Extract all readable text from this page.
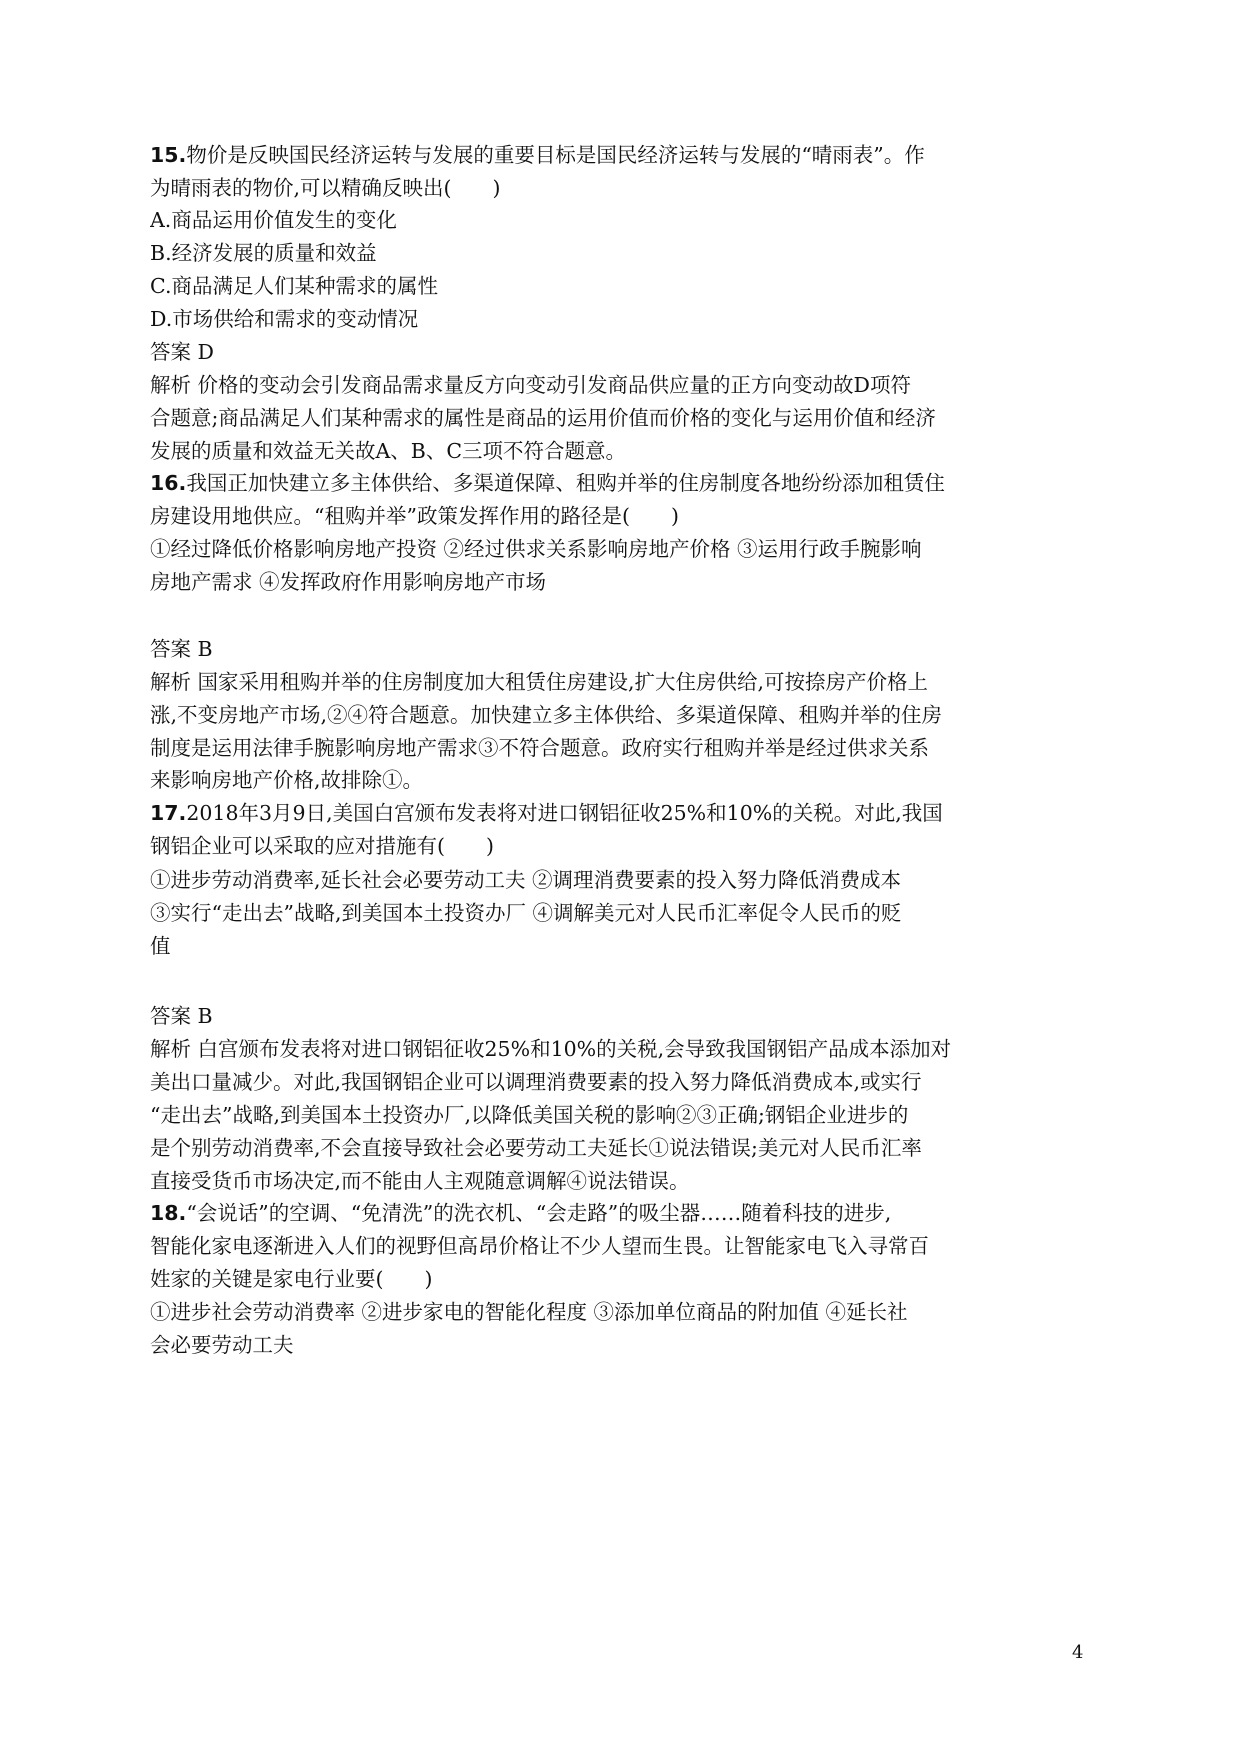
15.物价是反映国民经济运转与发展的重要目标是国民经济运转与发展的“晴雨表”。作
为晴雨表的物价,可以精确反映出(　　)
A.商品运用价值发生的变化
B.经济发展的质量和效益
C.商品满足人们某种需求的属性
D.市场供给和需求的变动情况
答案 D
解析 价格的变动会引发商品需求量反方向变动引发商品供应量的正方向变动故D项符
合题意;商品满足人们某种需求的属性是商品的运用价值而价格的变化与运用价值和经济
发展的质量和效益无关故A、B、C三项不符合题意。
16.我国正加快建立多主体供给、多渠道保障、租购并举的住房制度各地纷纷添加租赁住
房建设用地供应。“租购并举”政策发挥作用的路径是(　　)
①经过降低价格影响房地产投资 ②经过供求关系影响房地产价格 ③运用行政手腕影响
房地产需求 ④发挥政府作用影响房地产市场
答案 B
解析 国家采用租购并举的住房制度加大租赁住房建设,扩大住房供给,可按捺房产价格上
涨,不变房地产市场,②④符合题意。加快建立多主体供给、多渠道保障、租购并举的住房
制度是运用法律手腕影响房地产需求③不符合题意。政府实行租购并举是经过供求关系
来影响房地产价格,故排除①。
17.2018年3月9日,美国白宫颁布发表将对进口钢铝征收25%和10%的关税。对此,我国
钢铝企业可以采取的应对措施有(　　)
①进步劳动消费率,延长社会必要劳动工夫 ②调理消费要素的投入努力降低消费成本
③实行“走出去”战略,到美国本土投资办厂 ④调解美元对人民币汇率促令人民币的贬
值
答案 B
解析 白宫颁布发表将对进口钢铝征收25%和10%的关税,会导致我国钢铝产品成本添加对
美出口量减少。对此,我国钢铝企业可以调理消费要素的投入努力降低消费成本,或实行
“走出去”战略,到美国本土投资办厂,以降低美国关税的影响②③正确;钢铝企业进步的
是个别劳动消费率,不会直接导致社会必要劳动工夫延长①说法错误;美元对人民币汇率
直接受货币市场决定,而不能由人主观随意调解④说法错误。
18.“会说话”的空调、“免清洗”的洗衣机、“会走路”的吸尘器……随着科技的进步,
智能化家电逐渐进入人们的视野但高昂价格让不少人望而生畏。让智能家电飞入寻常百
姓家的关键是家电行业要(　　)
①进步社会劳动消费率 ②进步家电的智能化程度 ③添加单位商品的附加值 ④延长社
会必要劳动工夫
4
